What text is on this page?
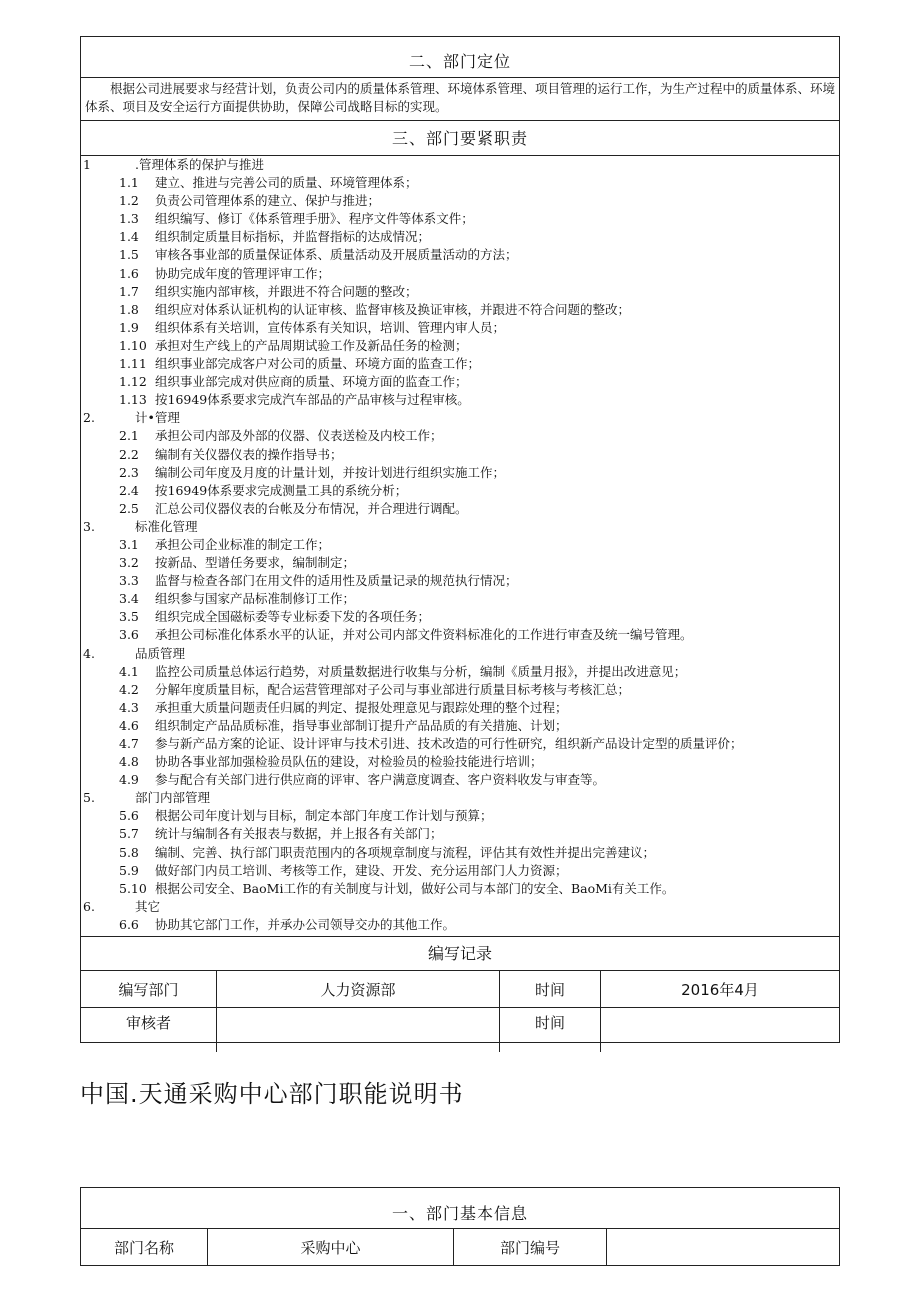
二、部门定位
根据公司进展要求与经营计划，负责公司内的质量体系管理、环境体系管理、项目管理的运行工作，为生产过程中的质量体系、环境体系、项目及安全运行方面提供协助，保障公司战略目标的实现。
三、部门要紧职责
1	.管理体系的保护与推进
1.1 建立、推进与完善公司的质量、环境管理体系；
1.2 负责公司管理体系的建立、保护与推进；
1.3 组织编写、修订《体系管理手册》、程序文件等体系文件；
1.4 组织制定质量目标指标，并监督指标的达成情况；
1.5 审核各事业部的质量保证体系、质量活动及开展质量活动的方法；
1.6 协助完成年度的管理评审工作；
1.7 组织实施内部审核，并跟进不符合问题的整改；
1.8 组织应对体系认证机构的认证审核、监督审核及换证审核，并跟进不符合问题的整改；
1.9 组织体系有关培训，宣传体系有关知识，培训、管理内审人员；
1.10 承担对生产线上的产品周期试验工作及新品任务的检测；
1.11 组织事业部完成客户对公司的质量、环境方面的监查工作；
1.12 组织事业部完成对供应商的质量、环境方面的监查工作；
1.13 按16949体系要求完成汽车部品的产品审核与过程审核。
2.	计•管理
2.1 承担公司内部及外部的仪器、仪表送检及内校工作；
2.2 编制有关仪器仪表的操作指导书；
2.3 编制公司年度及月度的计量计划，并按计划进行组织实施工作；
2.4 按16949体系要求完成测量工具的系统分析；
2.5 汇总公司仪器仪表的台帐及分布情况，并合理进行调配。
3.	标准化管理
3.1 承担公司企业标准的制定工作；
3.2 按新品、型谱任务要求，编制制定；
3.3 监督与检查各部门在用文件的适用性及质量记录的规范执行情况；
3.4 组织参与国家产品标准制修订工作；
3.5 组织完成全国磁标委等专业标委下发的各项任务；
3.6 承担公司标准化体系水平的认证，并对公司内部文件资料标准化的工作进行审查及统一编号管理。
4.	品质管理
4.1 监控公司质量总体运行趋势，对质量数据进行收集与分析，编制《质量月报》，并提出改进意见；
4.2 分解年度质量目标，配合运营管理部对子公司与事业部进行质量目标考核与考核汇总；
4.3 承担重大质量问题责任归属的判定、提报处理意见与跟踪处理的整个过程；
4.6 组织制定产品品质标准，指导事业部制订提升产品品质的有关措施、计划；
4.7 参与新产品方案的论证、设计评审与技术引进、技术改造的可行性研究，组织新产品设计定型的质量评价；
4.8 协助各事业部加强检验员队伍的建设，对检验员的检验技能进行培训；
4.9 参与配合有关部门进行供应商的评审、客户满意度调查、客户资料收发与审查等。
5.	部门内部管理
5.6 根据公司年度计划与目标，制定本部门年度工作计划与预算；
5.7 统计与编制各有关报表与数据，并上报各有关部门；
5.8 编制、完善、执行部门职责范围内的各项规章制度与流程，评估其有效性并提出完善建议；
5.9 做好部门内员工培训、考核等工作，建设、开发、充分运用部门人力资源；
5.10 根据公司安全、BaoMi工作的有关制度与计划，做好公司与本部门的安全、BaoMi有关工作。
6.	其它
6.6 协助其它部门工作，并承办公司领导交办的其他工作。
编写记录
编写部门	人力资源部	时间	2016年4月
审核者		时间	
中国.天通采购中心部门职能说明书
一、部门基本信息
部门名称	采购中心	部门编号	
